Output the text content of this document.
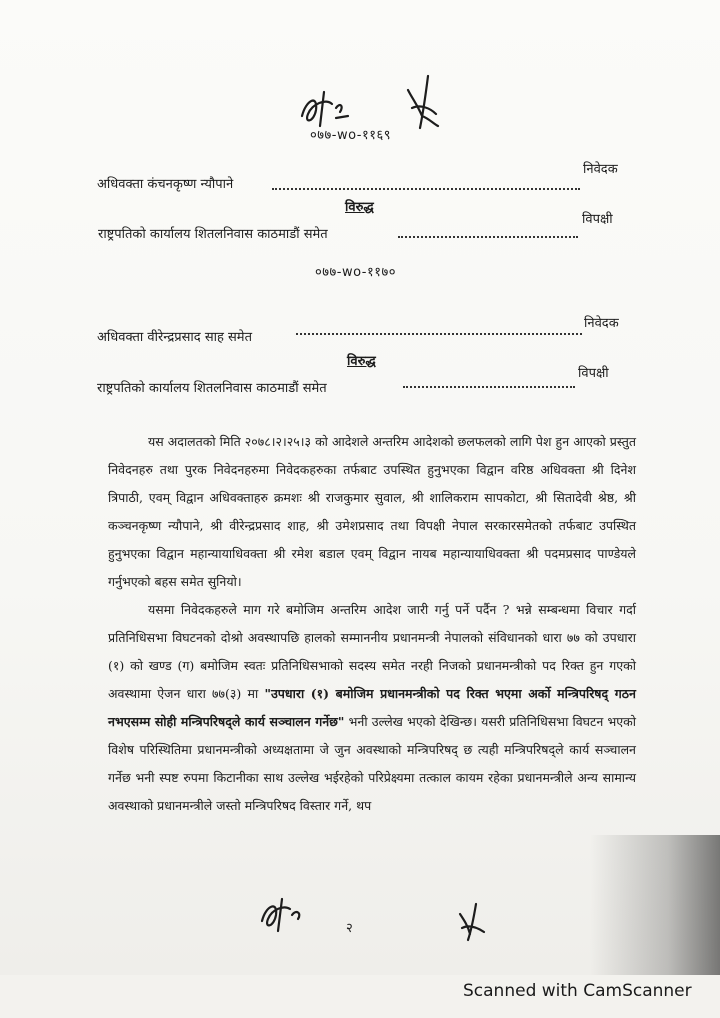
०७७-wo-११६९
अधिवक्ता कंचनकृष्ण न्यौपाने
निवेदक
विरुद्ध
राष्ट्रपतिको कार्यालय शितलनिवास काठमाडौं समेत
विपक्षी
०७७-wo-११७०
अधिवक्ता वीरेन्द्रप्रसाद साह समेत
निवेदक
विरुद्ध
राष्ट्रपतिको कार्यालय शितलनिवास काठमाडौं समेत
विपक्षी

यस अदालतको मिति २०७८।२।२५।३ को आदेशले अन्तरिम आदेशको छलफलको लागि पेश हुन आएको प्रस्तुत निवेदनहरु तथा पुरक निवेदनहरुमा निवेदकहरुका तर्फबाट उपस्थित हुनुभएका विद्वान वरिष्ठ अधिवक्ता श्री दिनेश त्रिपाठी, एवम् विद्वान अधिवक्ताहरु क्रमशः श्री राजकुमार सुवाल, श्री शालिकराम सापकोटा, श्री सितादेवी श्रेष्ठ, श्री कञ्चनकृष्ण न्यौपाने, श्री वीरेन्द्रप्रसाद शाह, श्री उमेशप्रसाद तथा विपक्षी नेपाल सरकारसमेतको तर्फबाट उपस्थित हुनुभएका विद्वान महान्यायाधिवक्ता श्री रमेश बडाल एवम् विद्वान नायब महान्यायाधिवक्ता श्री पदमप्रसाद पाण्डेयले गर्नुभएको बहस समेत सुनियो।

यसमा निवेदकहरुले माग गरे बमोजिम अन्तरिम आदेश जारी गर्नु पर्ने पर्दैन ? भन्ने सम्बन्धमा विचार गर्दा प्रतिनिधिसभा विघटनको दोश्रो अवस्थापछि हालको सम्माननीय प्रधानमन्त्री नेपालको संविधानको धारा ७७ को उपधारा (१) को खण्ड (ग) बमोजिम स्वतः प्रतिनिधिसभाको सदस्य समेत नरही निजको प्रधानमन्त्रीको पद रिक्त हुन गएको अवस्थामा ऐजन धारा ७७(३) मा "उपधारा (१) बमोजिम प्रधानमन्त्रीको पद रिक्त भएमा अर्को मन्त्रिपरिषद् गठन नभएसम्म सोही मन्त्रिपरिषद्ले कार्य सञ्चालन गर्नेछ" भनी उल्लेख भएको देखिन्छ। यसरी प्रतिनिधिसभा विघटन भएको विशेष परिस्थितिमा प्रधानमन्त्रीको अध्यक्षतामा जे जुन अवस्थाको मन्त्रिपरिषद् छ त्यही मन्त्रिपरिषद्ले कार्य सञ्चालन गर्नेछ भनी स्पष्ट रुपमा किटानीका साथ उल्लेख भईरहेको परिप्रेक्ष्यमा तत्काल कायम रहेका प्रधानमन्त्रीले अन्य सामान्य अवस्थाको प्रधानमन्त्रीले जस्तो मन्त्रिपरिषद विस्तार गर्ने, थप

२
Scanned with CamScanner
